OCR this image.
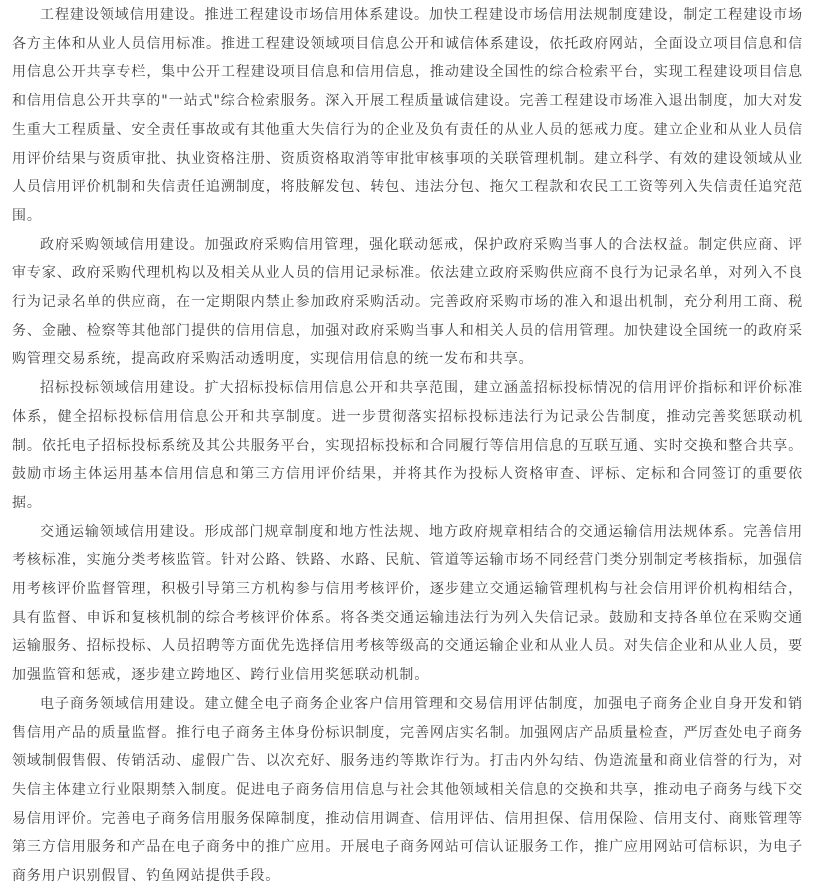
工程建设领域信用建设。推进工程建设市场信用体系建设。加快工程建设市场信用法规制度建设，制定工程建设市场各方主体和从业人员信用标准。推进工程建设领域项目信息公开和诚信体系建设，依托政府网站，全面设立项目信息和信用信息公开共享专栏，集中公开工程建设项目信息和信用信息，推动建设全国性的综合检索平台，实现工程建设项目信息和信用信息公开共享的"一站式"综合检索服务。深入开展工程质量诚信建设。完善工程建设市场准入退出制度，加大对发生重大工程质量、安全责任事故或有其他重大失信行为的企业及负有责任的从业人员的惩戒力度。建立企业和从业人员信用评价结果与资质审批、执业资格注册、资质资格取消等审批审核事项的关联管理机制。建立科学、有效的建设领域从业人员信用评价机制和失信责任追溯制度，将肢解发包、转包、违法分包、拖欠工程款和农民工工资等列入失信责任追究范围。

政府采购领域信用建设。加强政府采购信用管理，强化联动惩戒，保护政府采购当事人的合法权益。制定供应商、评审专家、政府采购代理机构以及相关从业人员的信用记录标准。依法建立政府采购供应商不良行为记录名单，对列入不良行为记录名单的供应商，在一定期限内禁止参加政府采购活动。完善政府采购市场的准入和退出机制，充分利用工商、税务、金融、检察等其他部门提供的信用信息，加强对政府采购当事人和相关人员的信用管理。加快建设全国统一的政府采购管理交易系统，提高政府采购活动透明度，实现信用信息的统一发布和共享。

招标投标领域信用建设。扩大招标投标信用信息公开和共享范围，建立涵盖招标投标情况的信用评价指标和评价标准体系，健全招标投标信用信息公开和共享制度。进一步贯彻落实招标投标违法行为记录公告制度，推动完善奖惩联动机制。依托电子招标投标系统及其公共服务平台，实现招标投标和合同履行等信用信息的互联互通、实时交换和整合共享。鼓励市场主体运用基本信用信息和第三方信用评价结果，并将其作为投标人资格审查、评标、定标和合同签订的重要依据。

交通运输领域信用建设。形成部门规章制度和地方性法规、地方政府规章相结合的交通运输信用法规体系。完善信用考核标准，实施分类考核监管。针对公路、铁路、水路、民航、管道等运输市场不同经营门类分别制定考核指标，加强信用考核评价监督管理，积极引导第三方机构参与信用考核评价，逐步建立交通运输管理机构与社会信用评价机构相结合，具有监督、申诉和复核机制的综合考核评价体系。将各类交通运输违法行为列入失信记录。鼓励和支持各单位在采购交通运输服务、招标投标、人员招聘等方面优先选择信用考核等级高的交通运输企业和从业人员。对失信企业和从业人员，要加强监管和惩戒，逐步建立跨地区、跨行业信用奖惩联动机制。

电子商务领域信用建设。建立健全电子商务企业客户信用管理和交易信用评估制度，加强电子商务企业自身开发和销售信用产品的质量监督。推行电子商务主体身份标识制度，完善网店实名制。加强网店产品质量检查，严厉查处电子商务领域制假售假、传销活动、虚假广告、以次充好、服务违约等欺诈行为。打击内外勾结、伪造流量和商业信誉的行为，对失信主体建立行业限期禁入制度。促进电子商务信用信息与社会其他领域相关信息的交换和共享，推动电子商务与线下交易信用评价。完善电子商务信用服务保障制度，推动信用调查、信用评估、信用担保、信用保险、信用支付、商账管理等第三方信用服务和产品在电子商务中的推广应用。开展电子商务网站可信认证服务工作，推广应用网站可信标识，为电子商务用户识别假冒、钓鱼网站提供手段。
